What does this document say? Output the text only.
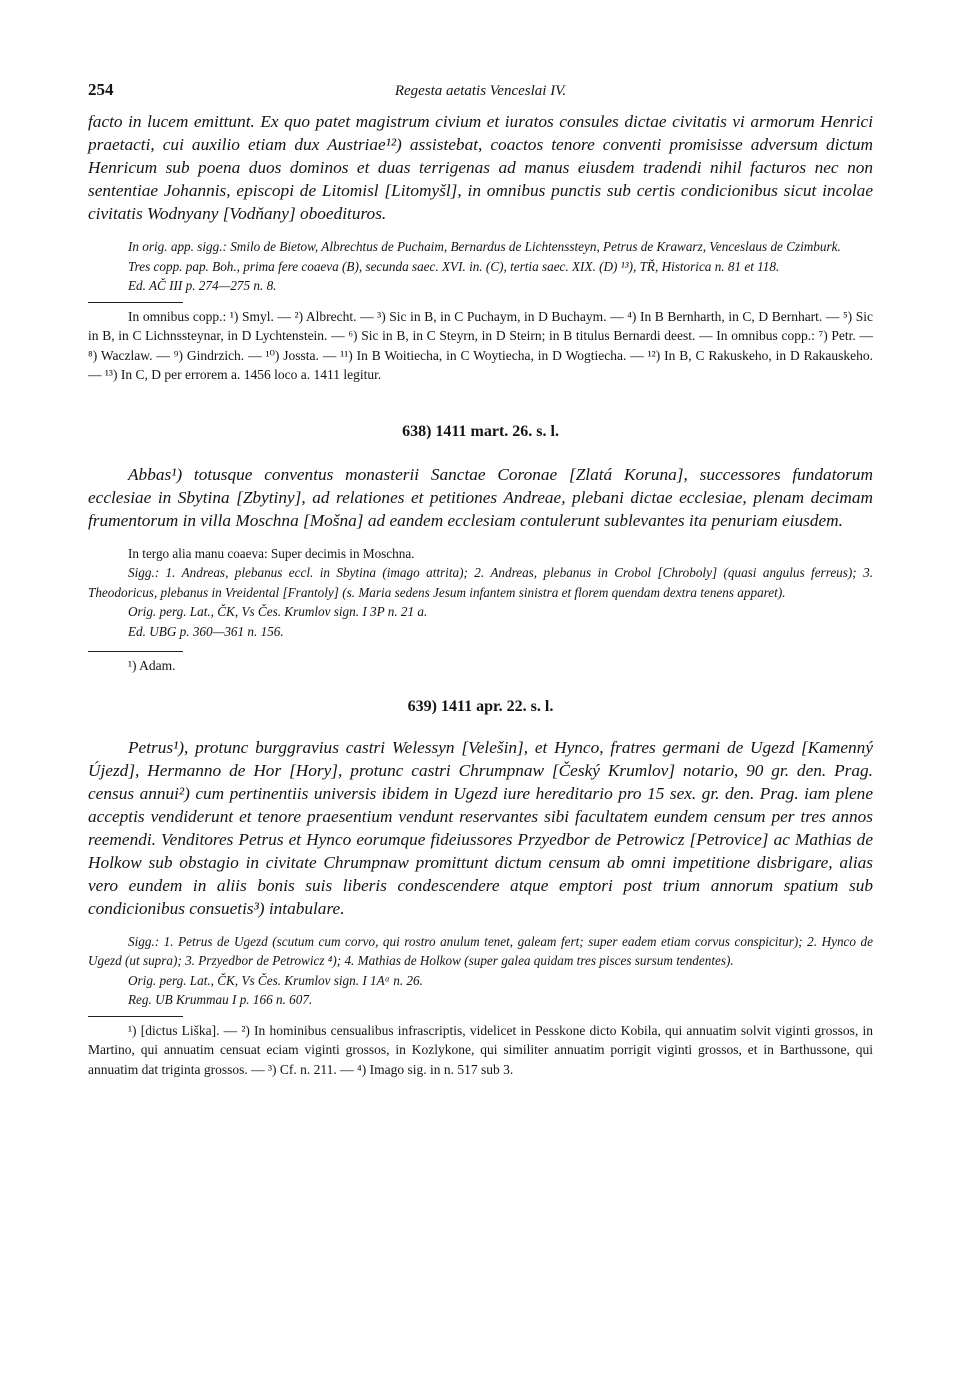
254	Regesta aetatis Venceslai IV.

facto in lucem emittunt. Ex quo patet magistrum civium et iuratos consules dictae civitatis vi armorum Henrici praetacti, cui auxilio etiam dux Austriae¹²) assistebat, coactos tenore conventi promisisse adversum dictum Henricum sub poena duos dominos et duas terrigenas ad manus eiusdem tradendi nihil facturos nec non sententiae Johannis, episcopi de Litomisl [Litomyšl], in omnibus punctis sub certis condicionibus sicut incolae civitatis Wodnyany [Vodňany] oboedituros.

In orig. app. sigg.: Smilo de Bietow, Albrechtus de Puchaim, Bernardus de Lichtenssteyn, Petrus de Krawarz, Venceslaus de Czimburk.

Tres copp. pap. Boh., prima fere coaeva (B), secunda saec. XVI. in. (C), tertia saec. XIX. (D) ¹³), TŘ, Historica n. 81 et 118.

Ed. AČ III p. 274—275 n. 8.

In omnibus copp.: ¹) Smyl. — ²) Albrecht. — ³) Sic in B, in C Puchaym, in D Buchaym. — ⁴) In B Bernharth, in C, D Bernhart. — ⁵) Sic in B, in C Lichnssteynar, in D Lychtenstein. — ⁶) Sic in B, in C Steyrn, in D Steirn; in B titulus Bernardi deest. — In omnibus copp.: ⁷) Petr. — ⁸) Waczlaw. — ⁹) Gindrzich. — ¹⁰) Jossta. — ¹¹) In B Woitiecha, in C Woytiecha, in D Wogtiecha. — ¹²) In B, C Rakuskeho, in D Rakauskeho. — ¹³) In C, D per errorem a. 1456 loco a. 1411 legitur.

638) 1411 mart. 26. s. l.

Abbas¹) totusque conventus monasterii Sanctae Coronae [Zlatá Koruna], successores fundatorum ecclesiae in Sbytina [Zbytiny], ad relationes et petitiones Andreae, plebani dictae ecclesiae, plenam decimam frumentorum in villa Moschna [Mošna] ad eandem ecclesiam contulerunt sublevantes ita penuriam eiusdem.

In tergo alia manu coaeva: Super decimis in Moschna.

Sigg.: 1. Andreas, plebanus eccl. in Sbytina (imago attrita); 2. Andreas, plebanus in Crobol [Chroboly] (quasi angulus ferreus); 3. Theodoricus, plebanus in Vreidental [Frantoly] (s. Maria sedens Jesum infantem sinistra et florem quendam dextra tenens apparet).

Orig. perg. Lat., ČK, Vs Čes. Krumlov sign. I 3P n. 21 a.

Ed. UBG p. 360—361 n. 156.

¹) Adam.

639) 1411 apr. 22. s. l.

Petrus¹), protunc burggravius castri Welessyn [Velešin], et Hynco, fratres germani de Ugezd [Kamenný Újezd], Hermanno de Hor [Hory], protunc castri Chrumpnaw [Český Krumlov] notario, 90 gr. den. Prag. census annui²) cum pertinentiis universis ibidem in Ugezd iure hereditario pro 15 sex. gr. den. Prag. iam plene acceptis vendiderunt et tenore praesentium vendunt reservantes sibi facultatem eundem censum per tres annos reemendi. Venditores Petrus et Hynco eorumque fideiussores Przyedbor de Petrowicz [Petrovice] ac Mathias de Holkow sub obstagio in civitate Chrumpnaw promittunt dictum censum ab omni impetitione disbrigare, alias vero eundem in aliis bonis suis liberis condescendere atque emptori post trium annorum spatium sub condicionibus consuetis³) intabulare.

Sigg.: 1. Petrus de Ugezd (scutum cum corvo, qui rostro anulum tenet, galeam fert; super eadem etiam corvus conspicitur); 2. Hynco de Ugezd (ut supra); 3. Przyedbor de Petrowicz ⁴); 4. Mathias de Holkow (super galea quidam tres pisces sursum tendentes).

Orig. perg. Lat., ČK, Vs Čes. Krumlov sign. I 1Aᵅ n. 26.

Reg. UB Krummau I p. 166 n. 607.

¹) [dictus Liška]. — ²) In hominibus censualibus infrascriptis, videlicet in Pesskone dicto Kobila, qui annuatim solvit viginti grossos, in Martino, qui annuatim censuat eciam viginti grossos, in Kozlykone, qui similiter annuatim porrigit viginti grossos, et in Barthussone, qui annuatim dat triginta grossos. — ³) Cf. n. 211. — ⁴) Imago sig. in n. 517 sub 3.
